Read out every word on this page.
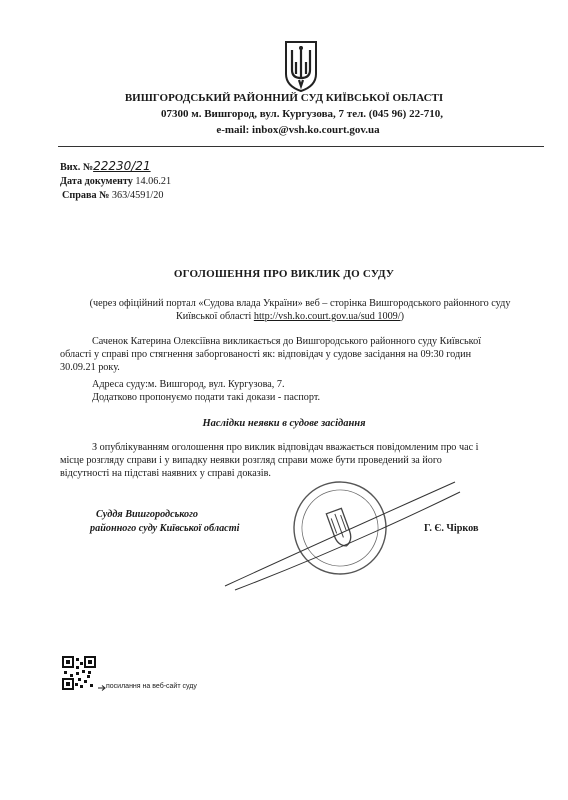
ВИШГОРОДСЬКИЙ РАЙОННИЙ СУД КИЇВСЬКОЇ ОБЛАСТІ
07300 м. Вишгород, вул. Кургузова, 7 тел. (045 96) 22-710,
e-mail: inbox@vsh.ko.court.gov.ua
Вих. №22230/21
Дата документу 14.06.21
Справа № 363/4591/20
ОГОЛОШЕННЯ ПРО ВИКЛИК ДО СУДУ
(через офіційний портал «Судова влада України» веб – сторінка Вишгородського районного суду
Київської області http://vsh.ko.court.gov.ua/sud 1009/)
Саченок Катерина Олексіївна викликається до Вишгородського районного суду Київської
області у справі про стягнення заборгованості як: відповідач у судове засідання на 09:30 годин
30.09.21 року.
Адреса суду:м. Вишгород, вул. Кургузова, 7.
Додатково пропонуємо подати такі докази - паспорт.
Наслідки неявки в судове засідання
З опублікуванням оголошення про виклик відповідач вважається повідомленим про час і
місце розгляду справи і у випадку неявки розгляд справи може бути проведений за його
відсутності на підставі наявних у справі доказів.
Суддя Вишгородського
районного суду Київської області	Г. Є. Чірков
посилання на веб-сайт суду
